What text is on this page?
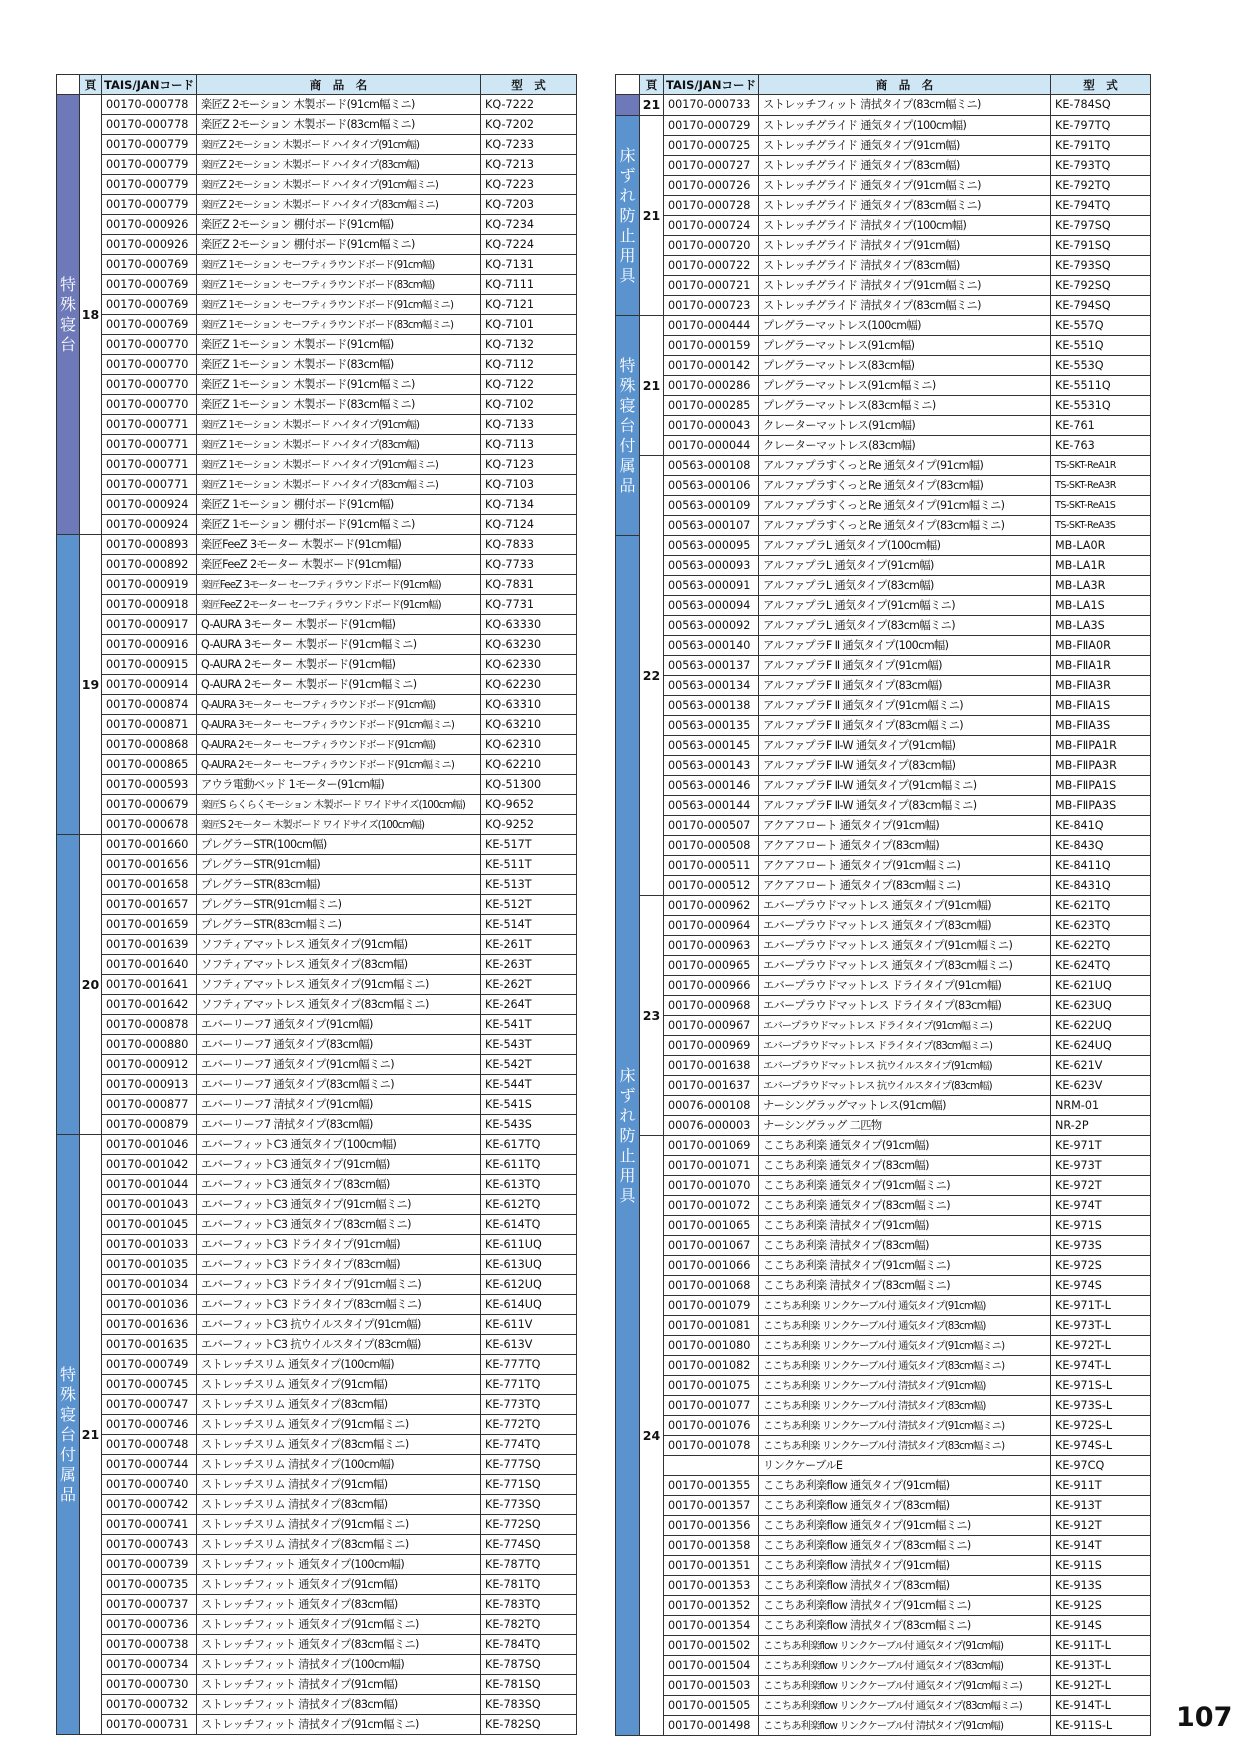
	頁	TAIS/JANコード	商　品　名	型　式
特殊寝台	18	00170-000778	楽匠Z 2モーション 木製ボード(91cm幅ミニ)	KQ-7222
		00170-000778	楽匠Z 2モーション 木製ボード(83cm幅ミニ)	KQ-7202
		00170-000779	楽匠Z 2モーション 木製ボード ハイタイプ(91cm幅)	KQ-7233
		00170-000779	楽匠Z 2モーション 木製ボード ハイタイプ(83cm幅)	KQ-7213
		00170-000779	楽匠Z 2モーション 木製ボード ハイタイプ(91cm幅ミニ)	KQ-7223
		00170-000779	楽匠Z 2モーション 木製ボード ハイタイプ(83cm幅ミニ)	KQ-7203
		00170-000926	楽匠Z 2モーション 棚付ボード(91cm幅)	KQ-7234
		00170-000926	楽匠Z 2モーション 棚付ボード(91cm幅ミニ)	KQ-7224
		00170-000769	楽匠Z 1モーション セーフティラウンドボード(91cm幅)	KQ-7131
		00170-000769	楽匠Z 1モーション セーフティラウンドボード(83cm幅)	KQ-7111
		00170-000769	楽匠Z 1モーション セーフティラウンドボード(91cm幅ミニ)	KQ-7121
		00170-000769	楽匠Z 1モーション セーフティラウンドボード(83cm幅ミニ)	KQ-7101
		00170-000770	楽匠Z 1モーション 木製ボード(91cm幅)	KQ-7132
		00170-000770	楽匠Z 1モーション 木製ボード(83cm幅)	KQ-7112
		00170-000770	楽匠Z 1モーション 木製ボード(91cm幅ミニ)	KQ-7122
		00170-000770	楽匠Z 1モーション 木製ボード(83cm幅ミニ)	KQ-7102
		00170-000771	楽匠Z 1モーション 木製ボード ハイタイプ(91cm幅)	KQ-7133
		00170-000771	楽匠Z 1モーション 木製ボード ハイタイプ(83cm幅)	KQ-7113
		00170-000771	楽匠Z 1モーション 木製ボード ハイタイプ(91cm幅ミニ)	KQ-7123
		00170-000771	楽匠Z 1モーション 木製ボード ハイタイプ(83cm幅ミニ)	KQ-7103
		00170-000924	楽匠Z 1モーション 棚付ボード(91cm幅)	KQ-7134
		00170-000924	楽匠Z 1モーション 棚付ボード(91cm幅ミニ)	KQ-7124
	19	00170-000893	楽匠FeeZ 3モーター 木製ボード(91cm幅)	KQ-7833
		00170-000892	楽匠FeeZ 2モーター 木製ボード(91cm幅)	KQ-7733
		00170-000919	楽匠FeeZ 3モーター セーフティラウンドボード(91cm幅)	KQ-7831
		00170-000918	楽匠FeeZ 2モーター セーフティラウンドボード(91cm幅)	KQ-7731
		00170-000917	Q-AURA 3モーター 木製ボード(91cm幅)	KQ-63330
		00170-000916	Q-AURA 3モーター 木製ボード(91cm幅ミニ)	KQ-63230
		00170-000915	Q-AURA 2モーター 木製ボード(91cm幅)	KQ-62330
		00170-000914	Q-AURA 2モーター 木製ボード(91cm幅ミニ)	KQ-62230
		00170-000874	Q-AURA 3モーター セーフティラウンドボード(91cm幅)	KQ-63310
		00170-000871	Q-AURA 3モーター セーフティラウンドボード(91cm幅ミニ)	KQ-63210
		00170-000868	Q-AURA 2モーター セーフティラウンドボード(91cm幅)	KQ-62310
		00170-000865	Q-AURA 2モーター セーフティラウンドボード(91cm幅ミニ)	KQ-62210
		00170-000593	アウラ電動ベッド 1モーター(91cm幅)	KQ-51300
		00170-000679	楽匠S らくらくモーション 木製ボード ワイドサイズ(100cm幅)	KQ-9652
		00170-000678	楽匠S 2モーター 木製ボード ワイドサイズ(100cm幅)	KQ-9252
	20	00170-001660	プレグラーSTR(100cm幅)	KE-517T
		00170-001656	プレグラーSTR(91cm幅)	KE-511T
		00170-001658	プレグラーSTR(83cm幅)	KE-513T
		00170-001657	プレグラーSTR(91cm幅ミニ)	KE-512T
		00170-001659	プレグラーSTR(83cm幅ミニ)	KE-514T
		00170-001639	ソフティアマットレス 通気タイプ(91cm幅)	KE-261T
		00170-001640	ソフティアマットレス 通気タイプ(83cm幅)	KE-263T
		00170-001641	ソフティアマットレス 通気タイプ(91cm幅ミニ)	KE-262T
		00170-001642	ソフティアマットレス 通気タイプ(83cm幅ミニ)	KE-264T
		00170-000878	エバーリーフ7 通気タイプ(91cm幅)	KE-541T
		00170-000880	エバーリーフ7 通気タイプ(83cm幅)	KE-543T
		00170-000912	エバーリーフ7 通気タイプ(91cm幅ミニ)	KE-542T
		00170-000913	エバーリーフ7 通気タイプ(83cm幅ミニ)	KE-544T
		00170-000877	エバーリーフ7 清拭タイプ(91cm幅)	KE-541S
		00170-000879	エバーリーフ7 清拭タイプ(83cm幅)	KE-543S
特殊寝台付属品	21	00170-001046	エバーフィットC3 通気タイプ(100cm幅)	KE-617TQ
		00170-001042	エバーフィットC3 通気タイプ(91cm幅)	KE-611TQ
		00170-001044	エバーフィットC3 通気タイプ(83cm幅)	KE-613TQ
		00170-001043	エバーフィットC3 通気タイプ(91cm幅ミニ)	KE-612TQ
		00170-001045	エバーフィットC3 通気タイプ(83cm幅ミニ)	KE-614TQ
		00170-001033	エバーフィットC3 ドライタイプ(91cm幅)	KE-611UQ
		00170-001035	エバーフィットC3 ドライタイプ(83cm幅)	KE-613UQ
		00170-001034	エバーフィットC3 ドライタイプ(91cm幅ミニ)	KE-612UQ
		00170-001036	エバーフィットC3 ドライタイプ(83cm幅ミニ)	KE-614UQ
		00170-001636	エバーフィットC3 抗ウイルスタイプ(91cm幅)	KE-611V
		00170-001635	エバーフィットC3 抗ウイルスタイプ(83cm幅)	KE-613V
		00170-000749	ストレッチスリム 通気タイプ(100cm幅)	KE-777TQ
		00170-000745	ストレッチスリム 通気タイプ(91cm幅)	KE-771TQ
		00170-000747	ストレッチスリム 通気タイプ(83cm幅)	KE-773TQ
		00170-000746	ストレッチスリム 通気タイプ(91cm幅ミニ)	KE-772TQ
		00170-000748	ストレッチスリム 通気タイプ(83cm幅ミニ)	KE-774TQ
		00170-000744	ストレッチスリム 清拭タイプ(100cm幅)	KE-777SQ
		00170-000740	ストレッチスリム 清拭タイプ(91cm幅)	KE-771SQ
		00170-000742	ストレッチスリム 清拭タイプ(83cm幅)	KE-773SQ
		00170-000741	ストレッチスリム 清拭タイプ(91cm幅ミニ)	KE-772SQ
		00170-000743	ストレッチスリム 清拭タイプ(83cm幅ミニ)	KE-774SQ
		00170-000739	ストレッチフィット 通気タイプ(100cm幅)	KE-787TQ
		00170-000735	ストレッチフィット 通気タイプ(91cm幅)	KE-781TQ
		00170-000737	ストレッチフィット 通気タイプ(83cm幅)	KE-783TQ
		00170-000736	ストレッチフィット 通気タイプ(91cm幅ミニ)	KE-782TQ
		00170-000738	ストレッチフィット 通気タイプ(83cm幅ミニ)	KE-784TQ
		00170-000734	ストレッチフィット 清拭タイプ(100cm幅)	KE-787SQ
		00170-000730	ストレッチフィット 清拭タイプ(91cm幅)	KE-781SQ
		00170-000732	ストレッチフィット 清拭タイプ(83cm幅)	KE-783SQ
		00170-000731	ストレッチフィット 清拭タイプ(91cm幅ミニ)	KE-782SQ
	頁	TAIS/JANコード	商　品　名	型　式
	21	00170-000733	ストレッチフィット 清拭タイプ(83cm幅ミニ)	KE-784SQ
床ずれ防止用具	21	00170-000729	ストレッチグライド 通気タイプ(100cm幅)	KE-797TQ
		00170-000725	ストレッチグライド 通気タイプ(91cm幅)	KE-791TQ
		00170-000727	ストレッチグライド 通気タイプ(83cm幅)	KE-793TQ
		00170-000726	ストレッチグライド 通気タイプ(91cm幅ミニ)	KE-792TQ
		00170-000728	ストレッチグライド 通気タイプ(83cm幅ミニ)	KE-794TQ
		00170-000724	ストレッチグライド 清拭タイプ(100cm幅)	KE-797SQ
		00170-000720	ストレッチグライド 清拭タイプ(91cm幅)	KE-791SQ
		00170-000722	ストレッチグライド 清拭タイプ(83cm幅)	KE-793SQ
		00170-000721	ストレッチグライド 清拭タイプ(91cm幅ミニ)	KE-792SQ
		00170-000723	ストレッチグライド 清拭タイプ(83cm幅ミニ)	KE-794SQ
特殊寝台付属品	21	00170-000444	プレグラーマットレス(100cm幅)	KE-557Q
		00170-000159	プレグラーマットレス(91cm幅)	KE-551Q
		00170-000142	プレグラーマットレス(83cm幅)	KE-553Q
		00170-000286	プレグラーマットレス(91cm幅ミニ)	KE-5511Q
		00170-000285	プレグラーマットレス(83cm幅ミニ)	KE-5531Q
		00170-000043	クレーターマットレス(91cm幅)	KE-761
		00170-000044	クレーターマットレス(83cm幅)	KE-763
	22	00563-000108	アルファプラすくっとRe 通気タイプ(91cm幅)	TS-SKT-ReA1R
		00563-000106	アルファプラすくっとRe 通気タイプ(83cm幅)	TS-SKT-ReA3R
		00563-000109	アルファプラすくっとRe 通気タイプ(91cm幅ミニ)	TS-SKT-ReA1S
		00563-000107	アルファプラすくっとRe 通気タイプ(83cm幅ミニ)	TS-SKT-ReA3S
床ずれ防止用具		00563-000095	アルファプラL 通気タイプ(100cm幅)	MB-LA0R
		00563-000093	アルファプラL 通気タイプ(91cm幅)	MB-LA1R
		00563-000091	アルファプラL 通気タイプ(83cm幅)	MB-LA3R
		00563-000094	アルファプラL 通気タイプ(91cm幅ミニ)	MB-LA1S
		00563-000092	アルファプラL 通気タイプ(83cm幅ミニ)	MB-LA3S
		00563-000140	アルファプラF Ⅱ 通気タイプ(100cm幅)	MB-FⅡA0R
		00563-000137	アルファプラF Ⅱ 通気タイプ(91cm幅)	MB-FⅡA1R
		00563-000134	アルファプラF Ⅱ 通気タイプ(83cm幅)	MB-FⅡA3R
		00563-000138	アルファプラF Ⅱ 通気タイプ(91cm幅ミニ)	MB-FⅡA1S
		00563-000135	アルファプラF Ⅱ 通気タイプ(83cm幅ミニ)	MB-FⅡA3S
		00563-000145	アルファプラF Ⅱ-W 通気タイプ(91cm幅)	MB-FⅡPA1R
		00563-000143	アルファプラF Ⅱ-W 通気タイプ(83cm幅)	MB-FⅡPA3R
		00563-000146	アルファプラF Ⅱ-W 通気タイプ(91cm幅ミニ)	MB-FⅡPA1S
		00563-000144	アルファプラF Ⅱ-W 通気タイプ(83cm幅ミニ)	MB-FⅡPA3S
		00170-000507	アクアフロート 通気タイプ(91cm幅)	KE-841Q
		00170-000508	アクアフロート 通気タイプ(83cm幅)	KE-843Q
		00170-000511	アクアフロート 通気タイプ(91cm幅ミニ)	KE-8411Q
		00170-000512	アクアフロート 通気タイプ(83cm幅ミニ)	KE-8431Q
	23	00170-000962	エバープラウドマットレス 通気タイプ(91cm幅)	KE-621TQ
		00170-000964	エバープラウドマットレス 通気タイプ(83cm幅)	KE-623TQ
		00170-000963	エバープラウドマットレス 通気タイプ(91cm幅ミニ)	KE-622TQ
		00170-000965	エバープラウドマットレス 通気タイプ(83cm幅ミニ)	KE-624TQ
		00170-000966	エバープラウドマットレス ドライタイプ(91cm幅)	KE-621UQ
		00170-000968	エバープラウドマットレス ドライタイプ(83cm幅)	KE-623UQ
		00170-000967	エバープラウドマットレス ドライタイプ(91cm幅ミニ)	KE-622UQ
		00170-000969	エバープラウドマットレス ドライタイプ(83cm幅ミニ)	KE-624UQ
		00170-001638	エバープラウドマットレス 抗ウイルスタイプ(91cm幅)	KE-621V
		00170-001637	エバープラウドマットレス 抗ウイルスタイプ(83cm幅)	KE-623V
		00076-000108	ナーシングラッグマットレス(91cm幅)	NRM-01
		00076-000003	ナーシングラッグ 二匹物	NR-2P
	24	00170-001069	ここちあ利楽 通気タイプ(91cm幅)	KE-971T
		00170-001071	ここちあ利楽 通気タイプ(83cm幅)	KE-973T
		00170-001070	ここちあ利楽 通気タイプ(91cm幅ミニ)	KE-972T
		00170-001072	ここちあ利楽 通気タイプ(83cm幅ミニ)	KE-974T
		00170-001065	ここちあ利楽 清拭タイプ(91cm幅)	KE-971S
		00170-001067	ここちあ利楽 清拭タイプ(83cm幅)	KE-973S
		00170-001066	ここちあ利楽 清拭タイプ(91cm幅ミニ)	KE-972S
		00170-001068	ここちあ利楽 清拭タイプ(83cm幅ミニ)	KE-974S
		00170-001079	ここちあ利楽 リンクケーブル付 通気タイプ(91cm幅)	KE-971T-L
		00170-001081	ここちあ利楽 リンクケーブル付 通気タイプ(83cm幅)	KE-973T-L
		00170-001080	ここちあ利楽 リンクケーブル付 通気タイプ(91cm幅ミニ)	KE-972T-L
		00170-001082	ここちあ利楽 リンクケーブル付 通気タイプ(83cm幅ミニ)	KE-974T-L
		00170-001075	ここちあ利楽 リンクケーブル付 清拭タイプ(91cm幅)	KE-971S-L
		00170-001077	ここちあ利楽 リンクケーブル付 清拭タイプ(83cm幅)	KE-973S-L
		00170-001076	ここちあ利楽 リンクケーブル付 清拭タイプ(91cm幅ミニ)	KE-972S-L
		00170-001078	ここちあ利楽 リンクケーブル付 清拭タイプ(83cm幅ミニ)	KE-974S-L
			リンクケーブルE	KE-97CQ
		00170-001355	ここちあ利楽flow 通気タイプ(91cm幅)	KE-911T
		00170-001357	ここちあ利楽flow 通気タイプ(83cm幅)	KE-913T
		00170-001356	ここちあ利楽flow 通気タイプ(91cm幅ミニ)	KE-912T
		00170-001358	ここちあ利楽flow 通気タイプ(83cm幅ミニ)	KE-914T
		00170-001351	ここちあ利楽flow 清拭タイプ(91cm幅)	KE-911S
		00170-001353	ここちあ利楽flow 清拭タイプ(83cm幅)	KE-913S
		00170-001352	ここちあ利楽flow 清拭タイプ(91cm幅ミニ)	KE-912S
		00170-001354	ここちあ利楽flow 清拭タイプ(83cm幅ミニ)	KE-914S
		00170-001502	ここちあ利楽flow リンクケーブル付 通気タイプ(91cm幅)	KE-911T-L
		00170-001504	ここちあ利楽flow リンクケーブル付 通気タイプ(83cm幅)	KE-913T-L
		00170-001503	ここちあ利楽flow リンクケーブル付 通気タイプ(91cm幅ミニ)	KE-912T-L
		00170-001505	ここちあ利楽flow リンクケーブル付 通気タイプ(83cm幅ミニ)	KE-914T-L
		00170-001498	ここちあ利楽flow リンクケーブル付 清拭タイプ(91cm幅)	KE-911S-L 107
